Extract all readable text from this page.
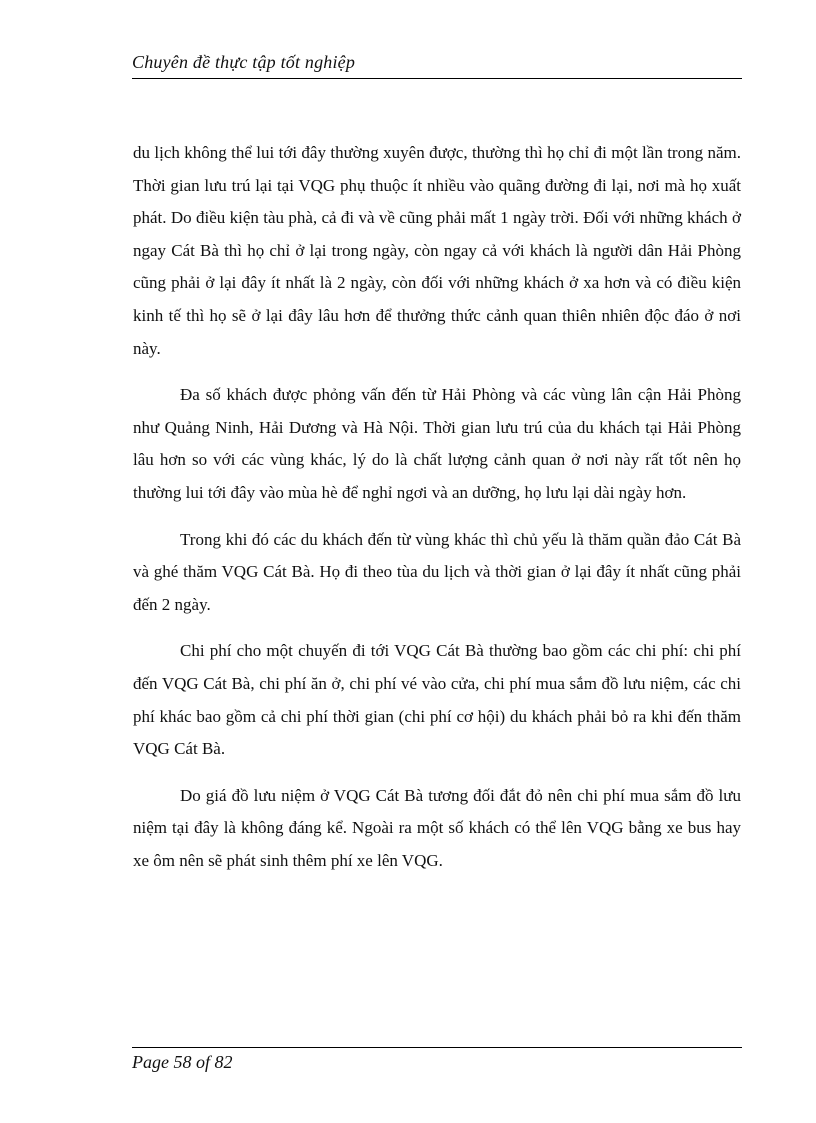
Chuyên đề thực tập tốt nghiệp

du lịch không thể lui tới đây thường xuyên được, thường thì họ chỉ đi một lần trong năm. Thời gian lưu trú lại tại VQG phụ thuộc ít nhiều vào quãng đường đi lại, nơi mà họ xuất phát. Do điều kiện tàu phà, cả đi và về cũng phải mất 1 ngày trời. Đối với những khách ở ngay Cát Bà thì họ chỉ ở lại trong ngày, còn ngay cả với khách là người dân Hải Phòng cũng phải ở lại đây ít nhất là 2 ngày, còn đối với những khách ở xa hơn và có điều kiện kinh tế thì họ sẽ ở lại đây lâu hơn để thưởng thức cảnh quan thiên nhiên độc đáo ở nơi này.

Đa số khách được phỏng vấn đến từ Hải Phòng và các vùng lân cận Hải Phòng như Quảng Ninh, Hải Dương và Hà Nội. Thời gian lưu trú của du khách tại Hải Phòng lâu hơn so với các vùng khác, lý do là chất lượng cảnh quan ở nơi này rất tốt nên họ thường lui tới đây vào mùa hè để nghỉ ngơi và an dưỡng, họ lưu lại dài ngày hơn.

Trong khi đó các du khách đến từ vùng khác thì chủ yếu là thăm quần đảo Cát Bà và ghé thăm VQG Cát Bà. Họ đi theo tùa du lịch và thời gian ở lại đây ít nhất cũng phải đến 2 ngày.

Chi phí cho một chuyến đi tới VQG Cát Bà thường bao gồm các chi phí: chi phí đến VQG Cát Bà, chi phí ăn ở, chi phí vé vào cửa, chi phí mua sắm đồ lưu niệm, các chi phí khác bao gồm cả chi phí thời gian (chi phí cơ hội) du khách phải bỏ ra khi đến thăm VQG Cát Bà.

Do giá đồ lưu niệm ở VQG Cát Bà tương đối đắt đỏ nên chi phí mua sắm đồ lưu niệm tại đây là không đáng kể. Ngoài ra một số khách có thể lên VQG bằng xe bus hay xe ôm nên sẽ phát sinh thêm phí xe lên VQG.

Page 58 of 82
